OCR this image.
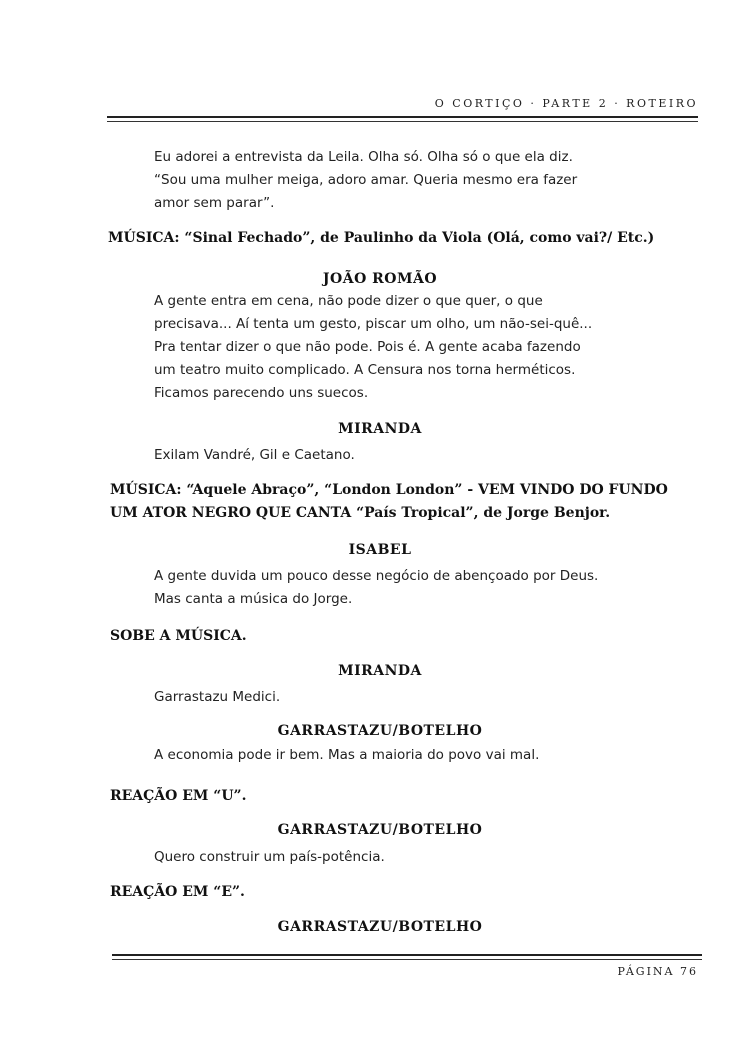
O CORTIÇO · PARTE 2 · ROTEIRO
Eu adorei a entrevista da Leila. Olha só. Olha só o que ela diz. “Sou uma mulher meiga, adoro amar. Queria mesmo era fazer amor sem parar”.
MÚSICA: “Sinal Fechado”, de Paulinho da Viola (Olá, como vai?/ Etc.)
JOÃO ROMÃO
A gente entra em cena, não pode dizer o que quer, o que precisava... Aí tenta um gesto, piscar um olho, um não-sei-quê... Pra tentar dizer o que não pode. Pois é. A gente acaba fazendo um teatro muito complicado. A Censura nos torna herméticos. Ficamos parecendo uns suecos.
MIRANDA
Exilam Vandré, Gil e Caetano.
MÚSICA: “Aquele Abraço”, “London London” - VEM VINDO DO FUNDO UM ATOR NEGRO QUE CANTA “País Tropical”, de Jorge Benjor.
ISABEL
A gente duvida um pouco desse negócio de abençoado por Deus. Mas canta a música do Jorge.
SOBE A MÚSICA.
MIRANDA
Garrastazu Medici.
GARRASTAZU/BOTELHO
A economia pode ir bem. Mas a maioria do povo vai mal.
REAÇÃO EM “U”.
GARRASTAZU/BOTELHO
Quero construir um país-potência.
REAÇÃO EM “E”.
GARRASTAZU/BOTELHO
PÁGINA 76
